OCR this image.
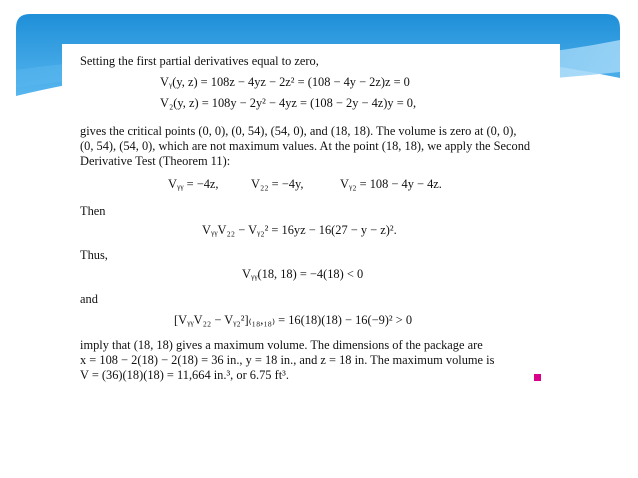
Setting the first partial derivatives equal to zero,
Vᵧ(y, z) = 108z − 4yz − 2z² = (108 − 4y − 2z)z = 0
V₂(y, z) = 108y − 2y² − 4yz = (108 − 2y − 4z)y = 0,
gives the critical points (0, 0), (0, 54), (54, 0), and (18, 18). The volume is zero at (0, 0),
(0, 54), (54, 0), which are not maximum values. At the point (18, 18), we apply the Second
Derivative Test (Theorem 11):
Vᵧᵧ = −4z,	V₂₂ = −4y,	Vᵧ₂ = 108 − 4y − 4z.
Then
VᵧᵧV₂₂ − Vᵧ₂² = 16yz − 16(27 − y − z)².
Thus,
Vᵧᵧ(18, 18) = −4(18) < 0
and
[VᵧᵧV₂₂ − Vᵧ₂²]₍₁₈,₁₈₎ = 16(18)(18) − 16(−9)² > 0
imply that (18, 18) gives a maximum volume. The dimensions of the package are
x = 108 − 2(18) − 2(18) = 36 in., y = 18 in., and z = 18 in. The maximum volume is
V = (36)(18)(18) = 11,664 in.³, or 6.75 ft³.
